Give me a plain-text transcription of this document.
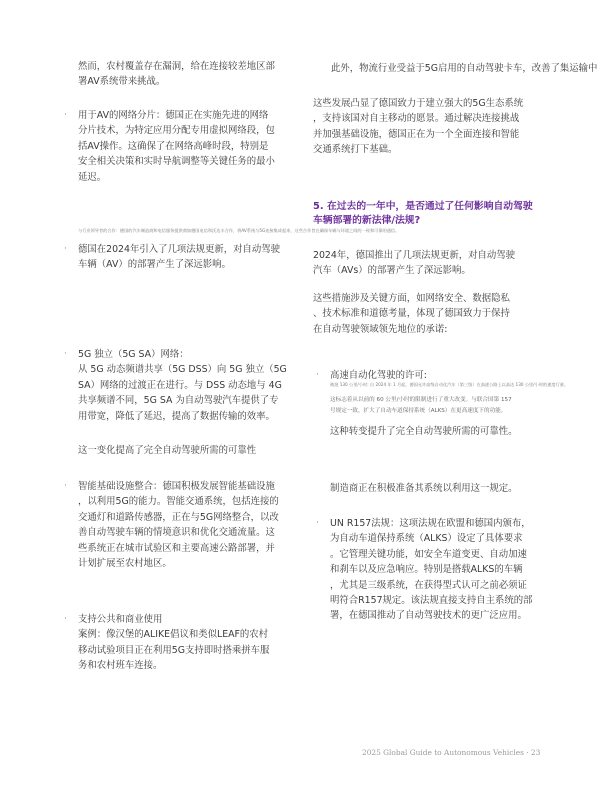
然而，农村覆盖存在漏洞，给在连接较差地区部
署AV系统带来挑战。
· 用于AV的网络分片：德国正在实施先进的网络
分片技术，为特定应用分配专用虚拟网络段，包
括AV操作。这确保了在网络高峰时段，特别是
安全相关决策和实时导航调整等关键任务的最小
延迟。
与行业领导者的合作：德国的汽车制造商和电信服务提供商如德国电信和沃达丰合作，将AV系统与5G连接集成起来，这些合作旨在确保车辆与环境之间的一致和可靠的通信。
· 德国在2024年引入了几项法规更新，对自动驾驶
车辆（AV）的部署产生了深远影响。
· 5G 独立（5G SA）网络：
从 5G 动态频谱共享（5G DSS）向 5G 独立（5G
SA）网络的过渡正在进行。与 DSS 动态地与 4G
共享频谱不同，5G SA 为自动驾驶汽车提供了专
用带宽，降低了延迟，提高了数据传输的效率。
这一变化提高了完全自动驾驶所需的可靠性
· 智能基础设施整合：德国积极发展智能基础设施
，以利用5G的能力。智能交通系统，包括连接的
交通灯和道路传感器，正在与5G网络整合，以改
善自动驾驶车辆的情境意识和优化交通流量。这
些系统正在城市试验区和主要高速公路部署，并
计划扩展至农村地区。
· 支持公共和商业使用
案例：像汉堡的ALIKE倡议和类似LEAF的农村
移动试验项目正在利用5G支持即时搭乘拼车服
务和农村班车连接。
此外，物流行业受益于5G启用的自动驾驶卡车，改善了集运输中
这些发展凸显了德国致力于建立强大的5G生态系统
，支持该国对自主移动的愿景。通过解决连接挑战
并加强基础设施，德国正在为一个全面连接和智能
交通系统打下基础。
5. 在过去的一年中，是否通过了任何影响自动驾驶
车辆部署的新法律/法规?
2024年，德国推出了几项法规更新，对自动驾驶
汽车（AVs）的部署产生了深远影响。
这些措施涉及关键方面，如网络安全、数据隐私
、技术标准和道德考量，体现了德国致力于保持
在自动驾驶领域领先地位的承诺:
· 高速自动化驾驶的许可:
被批 130 公里/小时: 自 2024 年 1 月起，德国允许高级自动化汽车（第三级）在高速公路上以高达 130 公里/小时的速度行驶。
这标志着从以前的 60 公里/小时的限制进行了重大改变。与联合国第 157
号规定一致，扩大了自动车道保持系统（ALKS）在更高速度下的功能。
这种转变提升了完全自动驾驶所需的可靠性。
制造商正在积极准备其系统以利用这一规定。
· UN R157法规：这项法规在欧盟和德国内颁布，
为自动车道保持系统（ALKS）设定了具体要求
。它管理关键功能，如安全车道变更、自动加速
和刹车以及应急响应。特别是搭载ALKS的车辆
，尤其是三级系统，在获得型式认可之前必须证
明符合R157规定。该法规直接支持自主系统的部
署，在德国推动了自动驾驶技术的更广泛应用。
2025 Global Guide to Autonomous Vehicles · 23
